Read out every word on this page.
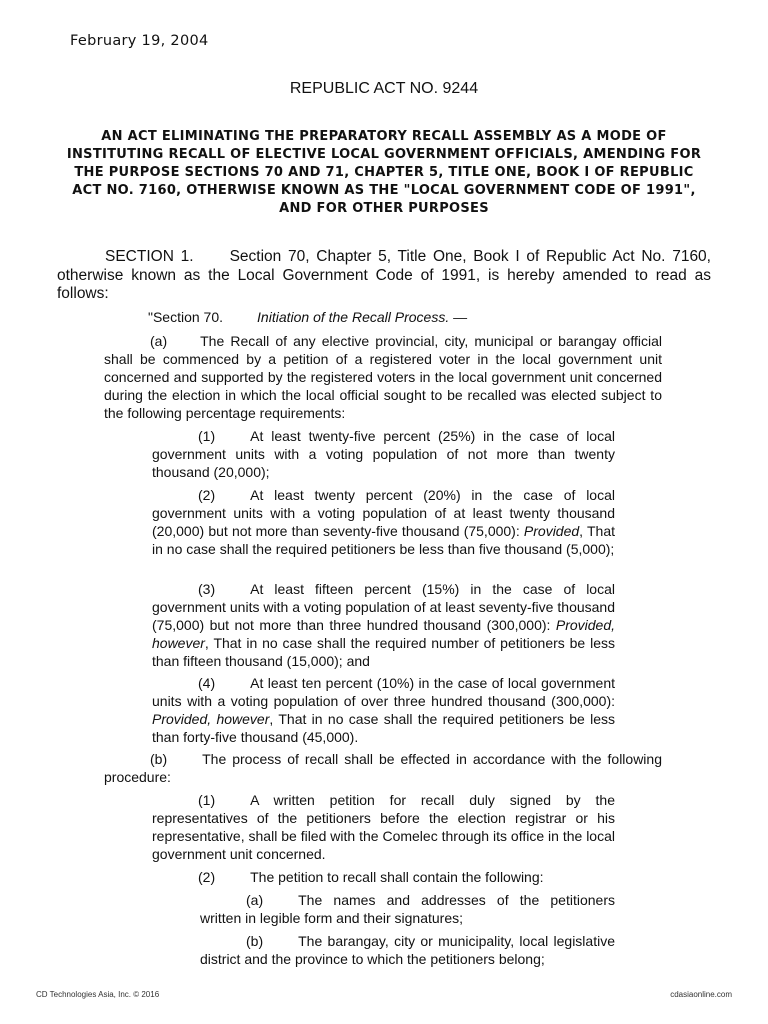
February 19, 2004
REPUBLIC ACT NO. 9244
AN ACT ELIMINATING THE PREPARATORY RECALL ASSEMBLY AS A MODE OF INSTITUTING RECALL OF ELECTIVE LOCAL GOVERNMENT OFFICIALS, AMENDING FOR THE PURPOSE SECTIONS 70 AND 71, CHAPTER 5, TITLE ONE, BOOK I OF REPUBLIC ACT NO. 7160, OTHERWISE KNOWN AS THE "LOCAL GOVERNMENT CODE OF 1991", AND FOR OTHER PURPOSES
SECTION 1. Section 70, Chapter 5, Title One, Book I of Republic Act No. 7160, otherwise known as the Local Government Code of 1991, is hereby amended to read as follows:
"Section 70. Initiation of the Recall Process. —
(a) The Recall of any elective provincial, city, municipal or barangay official shall be commenced by a petition of a registered voter in the local government unit concerned and supported by the registered voters in the local government unit concerned during the election in which the local official sought to be recalled was elected subject to the following percentage requirements:
(1)	At least twenty-five percent (25%) in the case of local government units with a voting population of not more than twenty thousand (20,000);
(2)	At least twenty percent (20%) in the case of local government units with a voting population of at least twenty thousand (20,000) but not more than seventy-five thousand (75,000): Provided, That in no case shall the required petitioners be less than five thousand (5,000);
(3)	At least fifteen percent (15%) in the case of local government units with a voting population of at least seventy-five thousand (75,000) but not more than three hundred thousand (300,000): Provided, however, That in no case shall the required number of petitioners be less than fifteen thousand (15,000); and
(4)	At least ten percent (10%) in the case of local government units with a voting population of over three hundred thousand (300,000): Provided, however, That in no case shall the required petitioners be less than forty-five thousand (45,000).
(b)	The process of recall shall be effected in accordance with the following procedure:
(1)	A written petition for recall duly signed by the representatives of the petitioners before the election registrar or his representative, shall be filed with the Comelec through its office in the local government unit concerned.
(2)	The petition to recall shall contain the following:
(a)	The names and addresses of the petitioners written in legible form and their signatures;
(b)	The barangay, city or municipality, local legislative district and the province to which the petitioners belong;
CD Technologies Asia, Inc. © 2016	cdasiaonline.com
